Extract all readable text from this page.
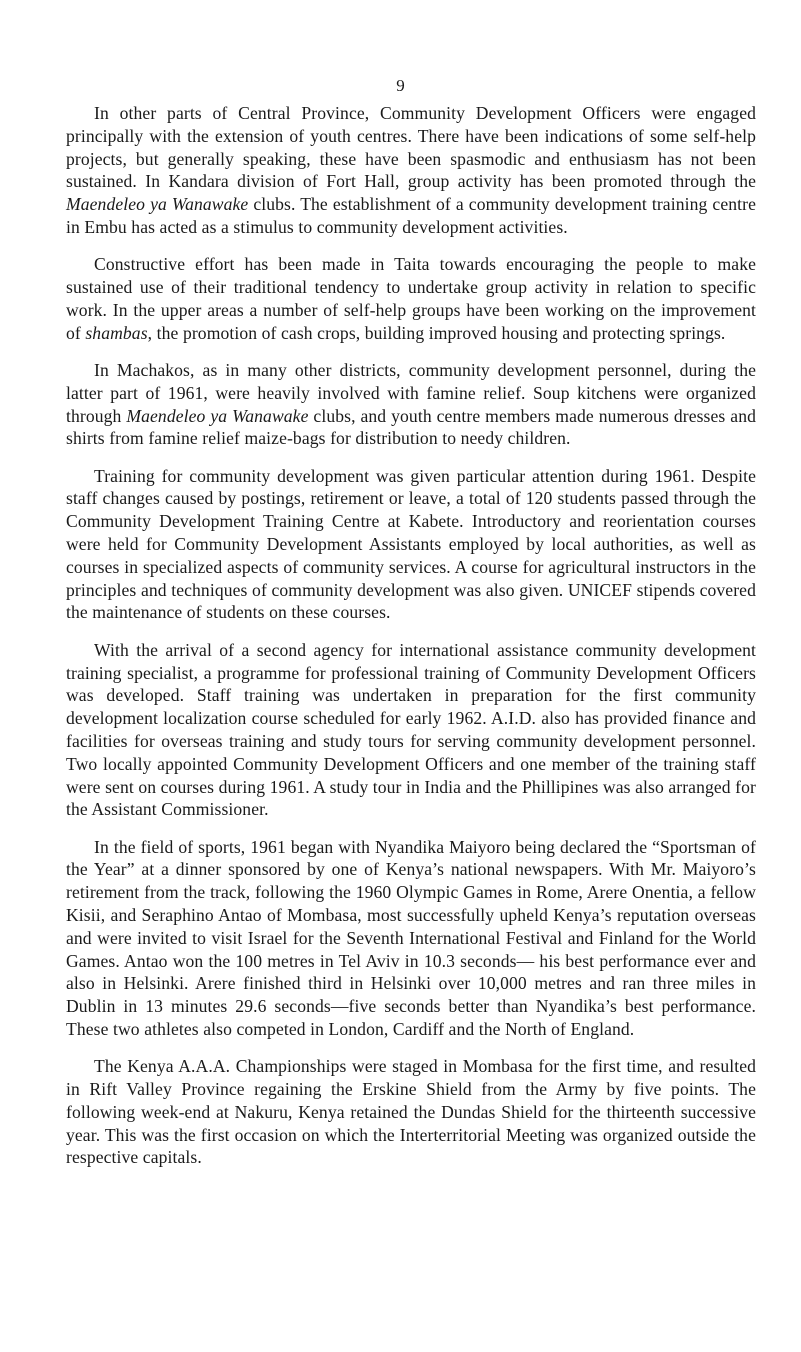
9

In other parts of Central Province, Community Development Officers were engaged principally with the extension of youth centres. There have been indications of some self-help projects, but generally speaking, these have been spasmodic and enthusiasm has not been sustained. In Kandara division of Fort Hall, group activity has been promoted through the Maendeleo ya Wanawake clubs. The establishment of a community development training centre in Embu has acted as a stimulus to community development activities.

Constructive effort has been made in Taita towards encouraging the people to make sustained use of their traditional tendency to undertake group activity in relation to specific work. In the upper areas a number of self-help groups have been working on the improvement of shambas, the promotion of cash crops, building improved housing and protecting springs.

In Machakos, as in many other districts, community development personnel, during the latter part of 1961, were heavily involved with famine relief. Soup kitchens were organized through Maendeleo ya Wanawake clubs, and youth centre members made numerous dresses and shirts from famine relief maize-bags for distribution to needy children.

Training for community development was given particular attention during 1961. Despite staff changes caused by postings, retirement or leave, a total of 120 students passed through the Community Development Training Centre at Kabete. Introductory and reorientation courses were held for Community Development Assistants employed by local authorities, as well as courses in specialized aspects of community services. A course for agricultural instructors in the principles and techniques of community development was also given. UNICEF stipends covered the maintenance of students on these courses.

With the arrival of a second agency for international assistance community development training specialist, a programme for professional training of Community Development Officers was developed. Staff training was undertaken in preparation for the first community development localization course scheduled for early 1962. A.I.D. also has provided finance and facilities for overseas training and study tours for serving community development personnel. Two locally appointed Community Development Officers and one member of the training staff were sent on courses during 1961. A study tour in India and the Phillipines was also arranged for the Assistant Commissioner.

In the field of sports, 1961 began with Nyandika Maiyoro being declared the “Sportsman of the Year” at a dinner sponsored by one of Kenya’s national newspapers. With Mr. Maiyoro’s retirement from the track, following the 1960 Olympic Games in Rome, Arere Onentia, a fellow Kisii, and Seraphino Antao of Mombasa, most successfully upheld Kenya’s reputation overseas and were invited to visit Israel for the Seventh International Festival and Finland for the World Games. Antao won the 100 metres in Tel Aviv in 10.3 seconds— his best performance ever and also in Helsinki. Arere finished third in Helsinki over 10,000 metres and ran three miles in Dublin in 13 minutes 29.6 seconds—five seconds better than Nyandika’s best performance. These two athletes also competed in London, Cardiff and the North of England.

The Kenya A.A.A. Championships were staged in Mombasa for the first time, and resulted in Rift Valley Province regaining the Erskine Shield from the Army by five points. The following week-end at Nakuru, Kenya retained the Dundas Shield for the thirteenth successive year. This was the first occasion on which the Interterritorial Meeting was organized outside the respective capitals.
